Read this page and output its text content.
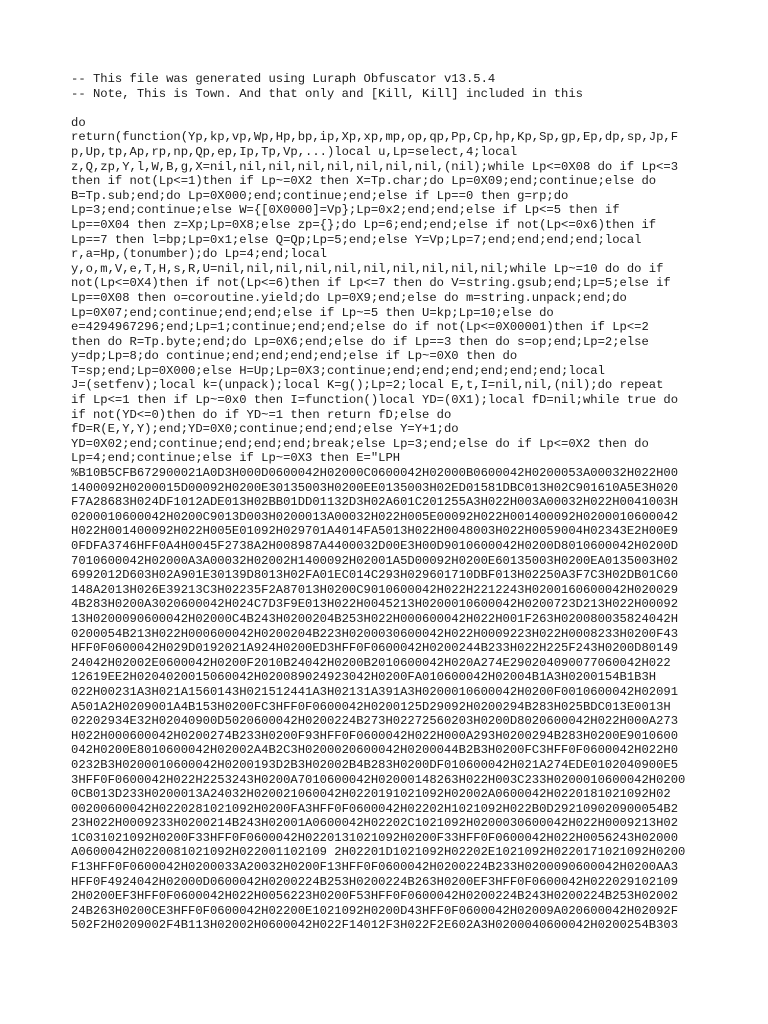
-- This file was generated using Luraph Obfuscator v13.5.4
-- Note, This is Town. And that only and [Kill, Kill] included in this
do
return(function(Yp,kp,vp,Wp,Hp,bp,ip,Xp,xp,mp,op,qp,Pp,Cp,hp,Kp,Sp,gp,Ep,dp,sp,Jp,F
p,Up,tp,Ap,rp,np,Qp,ep,Ip,Tp,Vp,...)local u,Lp=select,4;local
z,Q,zp,Y,l,W,B,g,X=nil,nil,nil,nil,nil,nil,nil,nil,(nil);while Lp<=0X08 do if Lp<=3
then if not(Lp<=1)then if Lp~=0X2 then X=Tp.char;do Lp=0X09;end;continue;else do
B=Tp.sub;end;do Lp=0X000;end;continue;end;else if Lp==0 then g=rp;do
Lp=3;end;continue;else W={[0X0000]=Vp};Lp=0x2;end;end;else if Lp<=5 then if
Lp==0X04 then z=Xp;Lp=0X8;else zp={};do Lp=6;end;end;else if not(Lp<=0x6)then if
Lp==7 then l=bp;Lp=0x1;else Q=Qp;Lp=5;end;else Y=Vp;Lp=7;end;end;end;end;local
r,a=Hp,(tonumber);do Lp=4;end;local
y,o,m,V,e,T,H,s,R,U=nil,nil,nil,nil,nil,nil,nil,nil,nil,nil;while Lp~=10 do do if
not(Lp<=0X4)then if not(Lp<=6)then if Lp<=7 then do V=string.gsub;end;Lp=5;else if
Lp==0X08 then o=coroutine.yield;do Lp=0X9;end;else do m=string.unpack;end;do
Lp=0X07;end;continue;end;end;else if Lp~=5 then U=kp;Lp=10;else do
e=4294967296;end;Lp=1;continue;end;end;else do if not(Lp<=0X00001)then if Lp<=2
then do R=Tp.byte;end;do Lp=0X6;end;else do if Lp==3 then do s=op;end;Lp=2;else
y=dp;Lp=8;do continue;end;end;end;end;else if Lp~=0X0 then do
T=sp;end;Lp=0X000;else H=Up;Lp=0X3;continue;end;end;end;end;end;end;local
J=(setfenv);local k=(unpack);local K=g();Lp=2;local E,t,I=nil,nil,(nil);do repeat
if Lp<=1 then if Lp~=0x0 then I=function()local YD=(0X1);local fD=nil;while true do
if not(YD<=0)then do if YD~=1 then return fD;else do
fD=R(E,Y,Y);end;YD=0X0;continue;end;end;else Y=Y+1;do
YD=0X02;end;continue;end;end;end;break;else Lp=3;end;else do if Lp<=0X2 then do
Lp=4;end;continue;else if Lp~=0X3 then E="LPH
%B10B5CFB672900021A0D3H000D0600042H02000C0600042H02000B0600042H0200053A00032H022H00
1400092H0200015D00092H0200E30135003H0200EE0135003H02ED01581DBC013H02C901610A5E3H020
F7A28683H024DF1012ADE013H02BB01DD01132D3H02A601C201255A3H022H003A00032H022H0041003H
0200010600042H0200C9013D003H0200013A00032H022H005E00092H022H001400092H0200010600042
H022H001400092H022H005E01092H029701A4014FA5013H022H0048003H022H0059004H02343E2H00E9
0FDFA3746HFF0A4H0045F2738A2H008987A4400032D00E3H00D9010600042H0200D8010600042H0200D
7010600042H02000A3A00032H02002H1400092H02001A5D00092H0200E60135003H0200EA0135003H02
6992012D603H02A901E30139D8013H02FA01EC014C293H029601710DBF013H02250A3F7C3H02DB01C60
148A2013H026E39213C3H02235F2A87013H0200C9010600042H022H2212243H0200160600042H020029
4B283H0200A3020600042H024C7D3F9E013H022H0045213H0200010600042H0200723D213H022H00092
13H0200090600042H02000C4B243H0200204B253H022H000600042H022H001F263H020080035824042H
0200054B213H022H000600042H0200204B223H0200030600042H022H0009223H022H0008233H0200F43
HFF0F0600042H029D0192021A924H0200ED3HFF0F0600042H0200244B233H022H225F243H0200D80149
24042H02002E0600042H0200F2010B24042H0200B2010600042H020A274E290204090077060042H022
12619EE2H0204020015060042H020089024923042H0200FA010600042H02004B1A3H0200154B1B3H
022H00231A3H021A1560143H021512441A3H02131A391A3H0200010600042H0200F0010600042H02091
A501A2H0209001A4B153H0200FC3HFF0F0600042H0200125D29092H0200294B283H025BDC013E0013H
02202934E32H02040900D5020600042H0200224B273H02272560203H0200D8020600042H022H000A273
H022H000600042H0200274B233H0200F93HFF0F0600042H022H000A293H0200294B283H0200E9010600
042H0200E8010600042H02002A4B2C3H0200020600042H0200044B2B3H0200FC3HFF0F0600042H022H0
0232B3H0200010600042H0200193D2B3H02002B4B283H0200DF010600042H021A274EDE0102040900E5
3HFF0F0600042H022H2253243H0200A7010600042H02000148263H022H003C233H0200010600042H0200
0CB013D233H0200013A24032H020021060042H0220191021092H02002A0600042H0220181021092H02
00200600042H0220281021092H0200FA3HFF0F0600042H02202H1021092H022B0D292109020900054B2
23H022H0009233H0200214B243H02001A0600042H02202C1021092H0200030600042H022H0009213H02
1C031021092H0200F33HFF0F0600042H0220131021092H0200F33HFF0F0600042H022H0056243H02000
A0600042H0220081021092H022001102109 2H02201D1021092H02202E1021092H0220171021092H0200
F13HFF0F0600042H0200033A20032H0200F13HFF0F0600042H0200224B233H0200090600042H0200AA3
HFF0F4924042H02000D0600042H0200224B253H0200224B263H0200EF3HFF0F0600042H022029102109
2H0200EF3HFF0F0600042H022H0056223H0200F53HFF0F0600042H0200224B243H0200224B253H02002
24B263H0200CE3HFF0F0600042H02200E1021092H0200D43HFF0F0600042H02009A020600042H02092F
502F2H0209002F4B113H02002H0600042H022F14012F3H022F2E602A3H0200040600042H0200254B303
